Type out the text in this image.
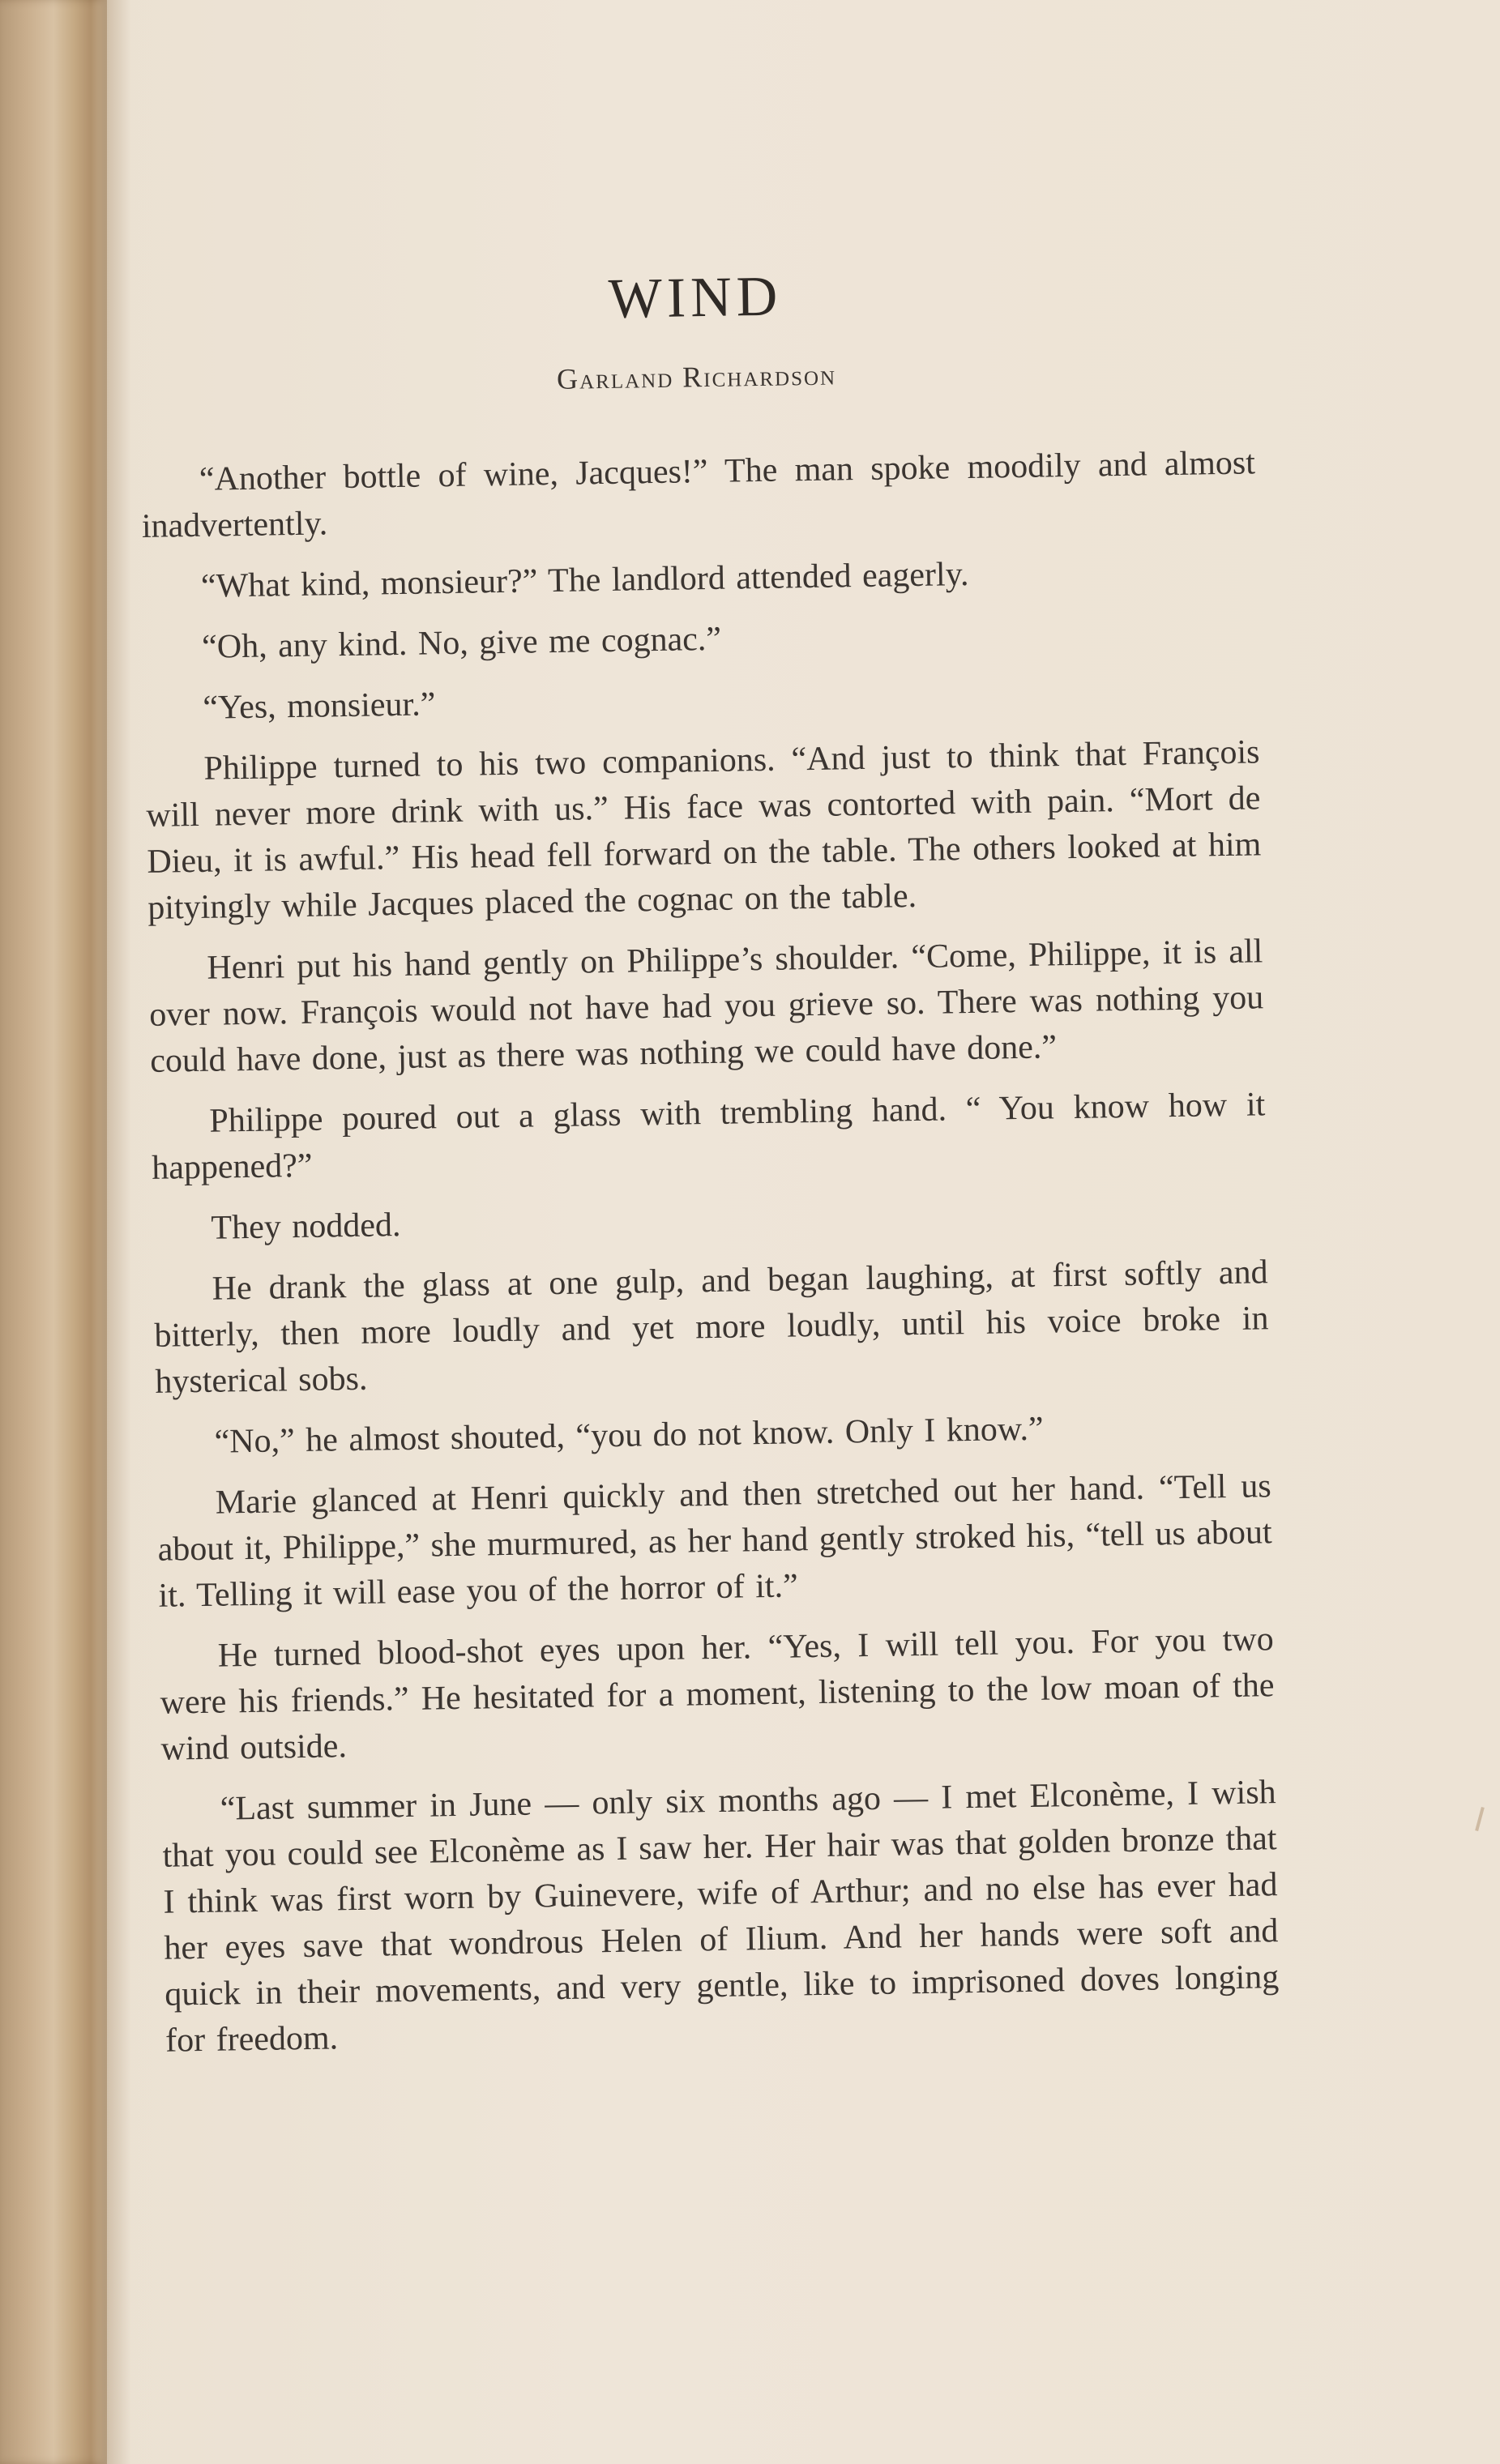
WIND
Garland Richardson

“Another bottle of wine, Jacques!” The man spoke moodily and almost inadvertently.

“What kind, monsieur?” The landlord attended eagerly.

“Oh, any kind. No, give me cognac.”

“Yes, monsieur.”

Philippe turned to his two companions. “And just to think that François will never more drink with us.” His face was contorted with pain. “Mort de Dieu, it is awful.” His head fell forward on the table. The others looked at him pityingly while Jacques placed the cognac on the table.

Henri put his hand gently on Philippe’s shoulder. “Come, Philippe, it is all over now. François would not have had you grieve so. There was nothing you could have done, just as there was nothing we could have done.”

Philippe poured out a glass with trembling hand. “ You know how it happened?”

They nodded.

He drank the glass at one gulp, and began laughing, at first softly and bitterly, then more loudly and yet more loudly, until his voice broke in hysterical sobs.

“No,” he almost shouted, “you do not know. Only I know.”

Marie glanced at Henri quickly and then stretched out her hand. “Tell us about it, Philippe,” she murmured, as her hand gently stroked his, “tell us about it. Telling it will ease you of the horror of it.”

He turned blood-shot eyes upon her. “Yes, I will tell you. For you two were his friends.” He hesitated for a moment, listening to the low moan of the wind outside.

“Last summer in June — only six months ago — I met Elconème, I wish that you could see Elconème as I saw her. Her hair was that golden bronze that I think was first worn by Guinevere, wife of Arthur; and no else has ever had her eyes save that wondrous Helen of Ilium. And her hands were soft and quick in their movements, and very gentle, like to imprisoned doves longing for freedom.
